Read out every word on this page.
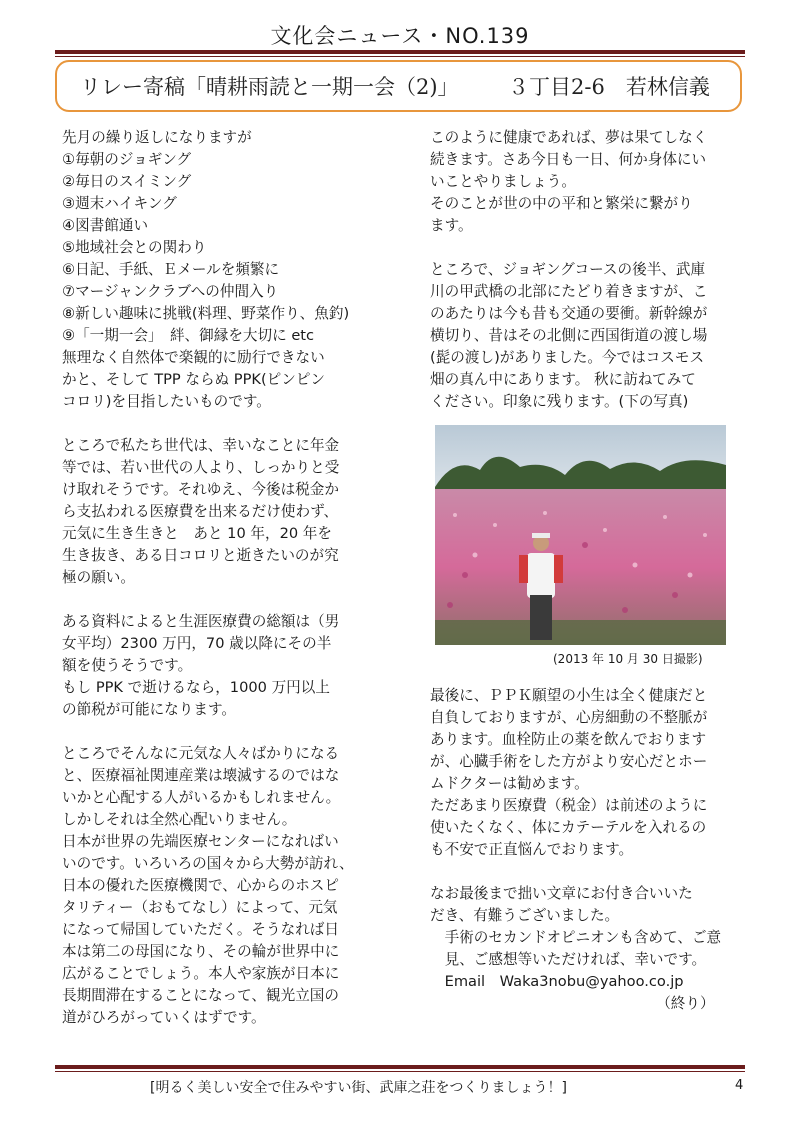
文化会ニュース・NO.139
リレー寄稿「晴耕雨読と一期一会（2)」 ３丁目2-6　若林信義

先月の繰り返しになりますが

①毎朝のジョギング

②毎日のスイミング

③週末ハイキング

④図書館通い

⑤地域社会との関わり

⑥日記、手紙、Ｅメールを頻繁に

⑦マージャンクラブへの仲間入り

⑧新しい趣味に挑戦(料理、野菜作り、魚釣)

⑨「一期一会」　絆、御縁を大切に etc

無理なく自然体で楽観的に励行できない

かと、そして TPP ならぬ PPK(ピンピン

コロリ)を目指したいものです。

ところで私たち世代は、幸いなことに年金

等では、若い世代の人より、しっかりと受

け取れそうです。それゆえ、今後は税金か

ら支払われる医療費を出来るだけ使わず、

元気に生き生きと　あと 10 年，20 年を

生き抜き、ある日コロリと逝きたいのが究

極の願い。

ある資料によると生涯医療費の総額は（男

女平均）2300 万円，70 歳以降にその半

額を使うそうです。

もし PPK で逝けるなら，1000 万円以上

の節税が可能になります。

ところでそんなに元気な人々ばかりになる

と、医療福祉関連産業は壊滅するのではな

いかと心配する人がいるかもしれません。

しかしそれは全然心配いりません。

日本が世界の先端医療センターになればい

いのです。いろいろの国々から大勢が訪れ、

日本の優れた医療機関で、心からのホスピ

タリティー（おもてなし）によって、元気

になって帰国していただく。そうなれば日

本は第二の母国になり、その輪が世界中に

広がることでしょう。本人や家族が日本に

長期間滞在することになって、観光立国の

道がひろがっていくはずです。

このように健康であれば、夢は果てしなく

続きます。さあ今日も一日、何か身体にい

いことやりましょう。

そのことが世の中の平和と繁栄に繋がり

ます。

ところで、ジョギングコースの後半、武庫

川の甲武橋の北部にたどり着きますが、こ

のあたりは今も昔も交通の要衝。新幹線が

横切り、昔はその北側に西国街道の渡し場

(髭の渡し)がありました。今ではコスモス

畑の真ん中にあります。 秋に訪ねてみて

ください。印象に残ります。(下の写真)

(2013 年 10 月 30 日撮影)

最後に、ＰＰＫ願望の小生は全く健康だと

自負しておりますが、心房細動の不整脈が

あります。血栓防止の薬を飲んでおります

が、心臓手術をした方がより安心だとホー

ムドクターは勧めます。

ただあまり医療費（税金）は前述のように

使いたくなく、体にカテーテルを入れるの

も不安で正直悩んでおります。

なお最後まで拙い文章にお付き合いいた

だき、有難うございました。

　手術のセカンドオピニオンも含めて、ご意

　見、ご感想等いただければ、幸いです。

　Email　Waka3nobu@yahoo.co.jp

　　　　　　　　　　　　　　　　（終り）

[明るく美しい安全で住みやすい街、武庫之荘をつくりましょう！]	4
